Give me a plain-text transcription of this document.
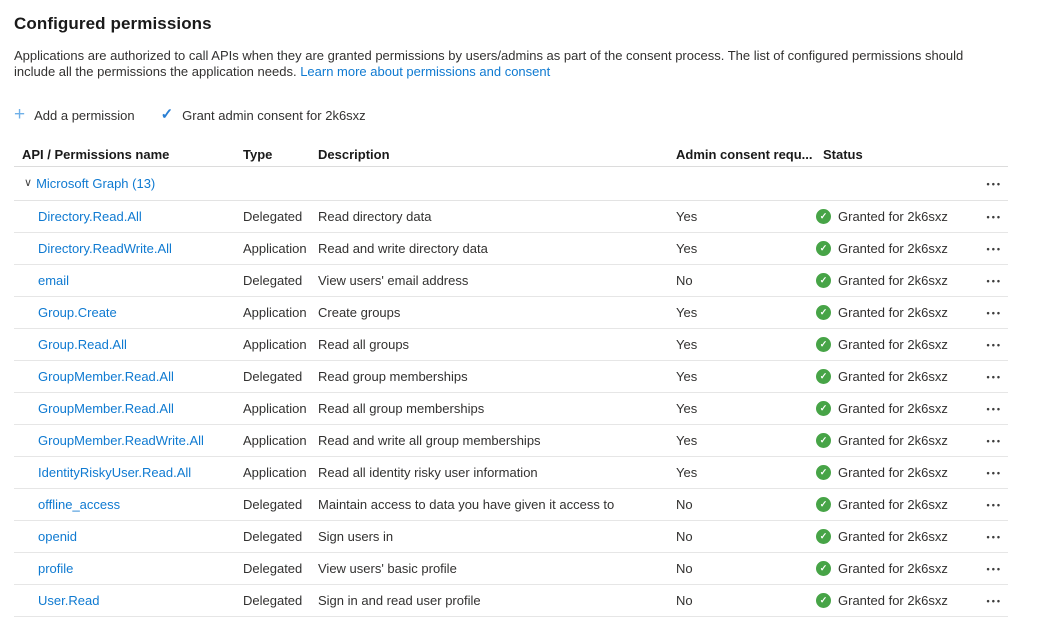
Configured permissions

Applications are authorized to call APIs when they are granted permissions by users/admins as part of the consent process. The list of configured permissions should include all the permissions the application needs. Learn more about permissions and consent

+ Add a permission ✓ Grant admin consent for 2k6sxz
API / Permissions name	Type	Description	Admin consent requ... Status
∨ Microsoft Graph (13)	•••
Directory.Read.All	Delegated	Read directory data	Yes	✓ Granted for 2k6sxz	•••
Directory.ReadWrite.All	Application Read and write directory data	Yes	✓ Granted for 2k6sxz	•••
email	Delegated	View users' email address	No	✓ Granted for 2k6sxz	•••
Group.Create	Application Create groups	Yes	✓ Granted for 2k6sxz	•••
Group.Read.All	Application Read all groups	Yes	✓ Granted for 2k6sxz	•••
GroupMember.Read.All	Delegated	Read group memberships	Yes	✓ Granted for 2k6sxz	•••
GroupMember.Read.All	Application Read all group memberships	Yes	✓ Granted for 2k6sxz	•••
GroupMember.ReadWrite.All	Application Read and write all group memberships	Yes	✓ Granted for 2k6sxz	•••
IdentityRiskyUser.Read.All	Application Read all identity risky user information	Yes	✓ Granted for 2k6sxz	•••
offline_access	Delegated	Maintain access to data you have given it access to	No	✓ Granted for 2k6sxz	•••
openid	Delegated	Sign users in	No	✓ Granted for 2k6sxz	•••
profile	Delegated	View users' basic profile	No	✓ Granted for 2k6sxz	•••
User.Read	Delegated	Sign in and read user profile	No	✓ Granted for 2k6sxz	•••
